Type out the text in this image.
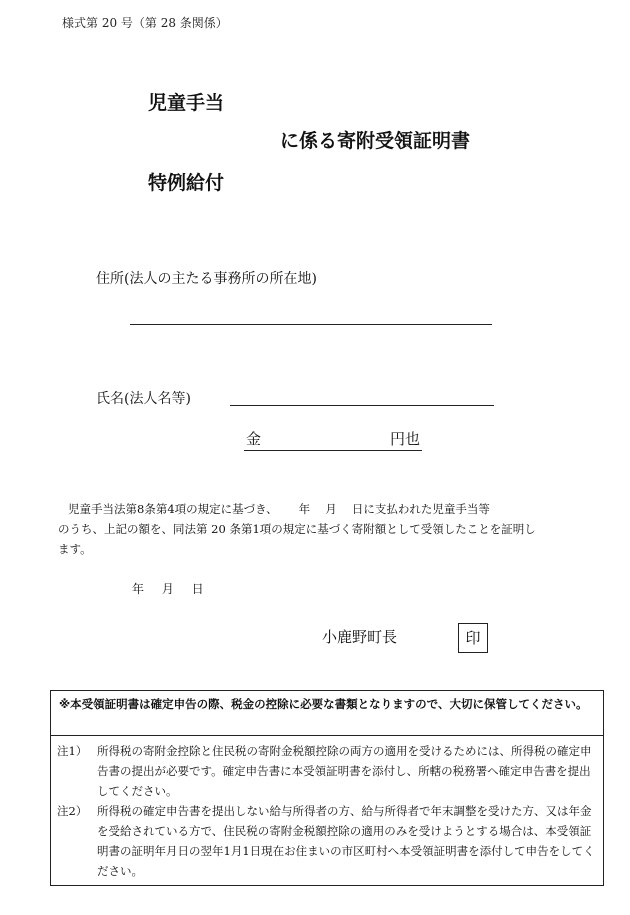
様式第 20 号（第 28 条関係）
児童手当
に係る寄附受領証明書
特例給付
住所(法人の主たる事務所の所在地)
氏名(法人名等)
金	円也
児童手当法第8条第4項の規定に基づき、　　 年　 月　 日に支払われた児童手当等
のうち、上記の額を、同法第 20 条第1項の規定に基づく寄附額として受領したことを証明し
ます。
年 月 日
小鹿野町長	印
※本受領証明書は確定申告の際、税金の控除に必要な書類となりますので、大切に保管してください。
注1） 所得税の寄附金控除と住民税の寄附金税額控除の両方の適用を受けるためには、所得税の確定申告書の提出が必要です。確定申告書に本受領証明書を添付し、所轄の税務署へ確定申告書を提出してください。
注2） 所得税の確定申告書を提出しない給与所得者の方、給与所得者で年末調整を受けた方、又は年金を受給されている方で、住民税の寄附金税額控除の適用のみを受けようとする場合は、本受領証明書の証明年月日の翌年1月1日現在お住まいの市区町村へ本受領証明書を添付して申告をしてください。
